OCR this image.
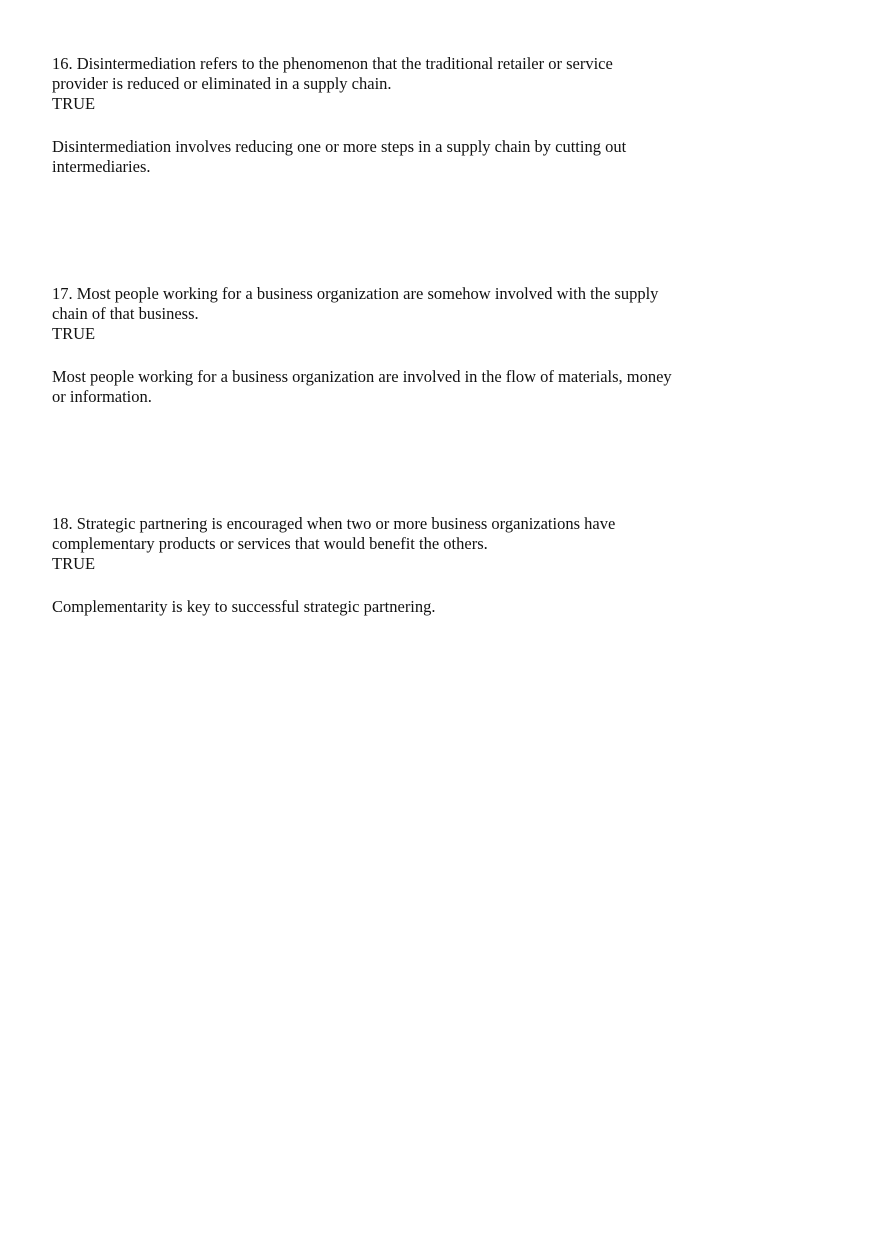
16. Disintermediation refers to the phenomenon that the traditional retailer or service provider is reduced or eliminated in a supply chain.

TRUE

Disintermediation involves reducing one or more steps in a supply chain by cutting out intermediaries.

17. Most people working for a business organization are somehow involved with the supply chain of that business.

TRUE

Most people working for a business organization are involved in the flow of materials, money or information.

18. Strategic partnering is encouraged when two or more business organizations have complementary products or services that would benefit the others.

TRUE

Complementarity is key to successful strategic partnering.
